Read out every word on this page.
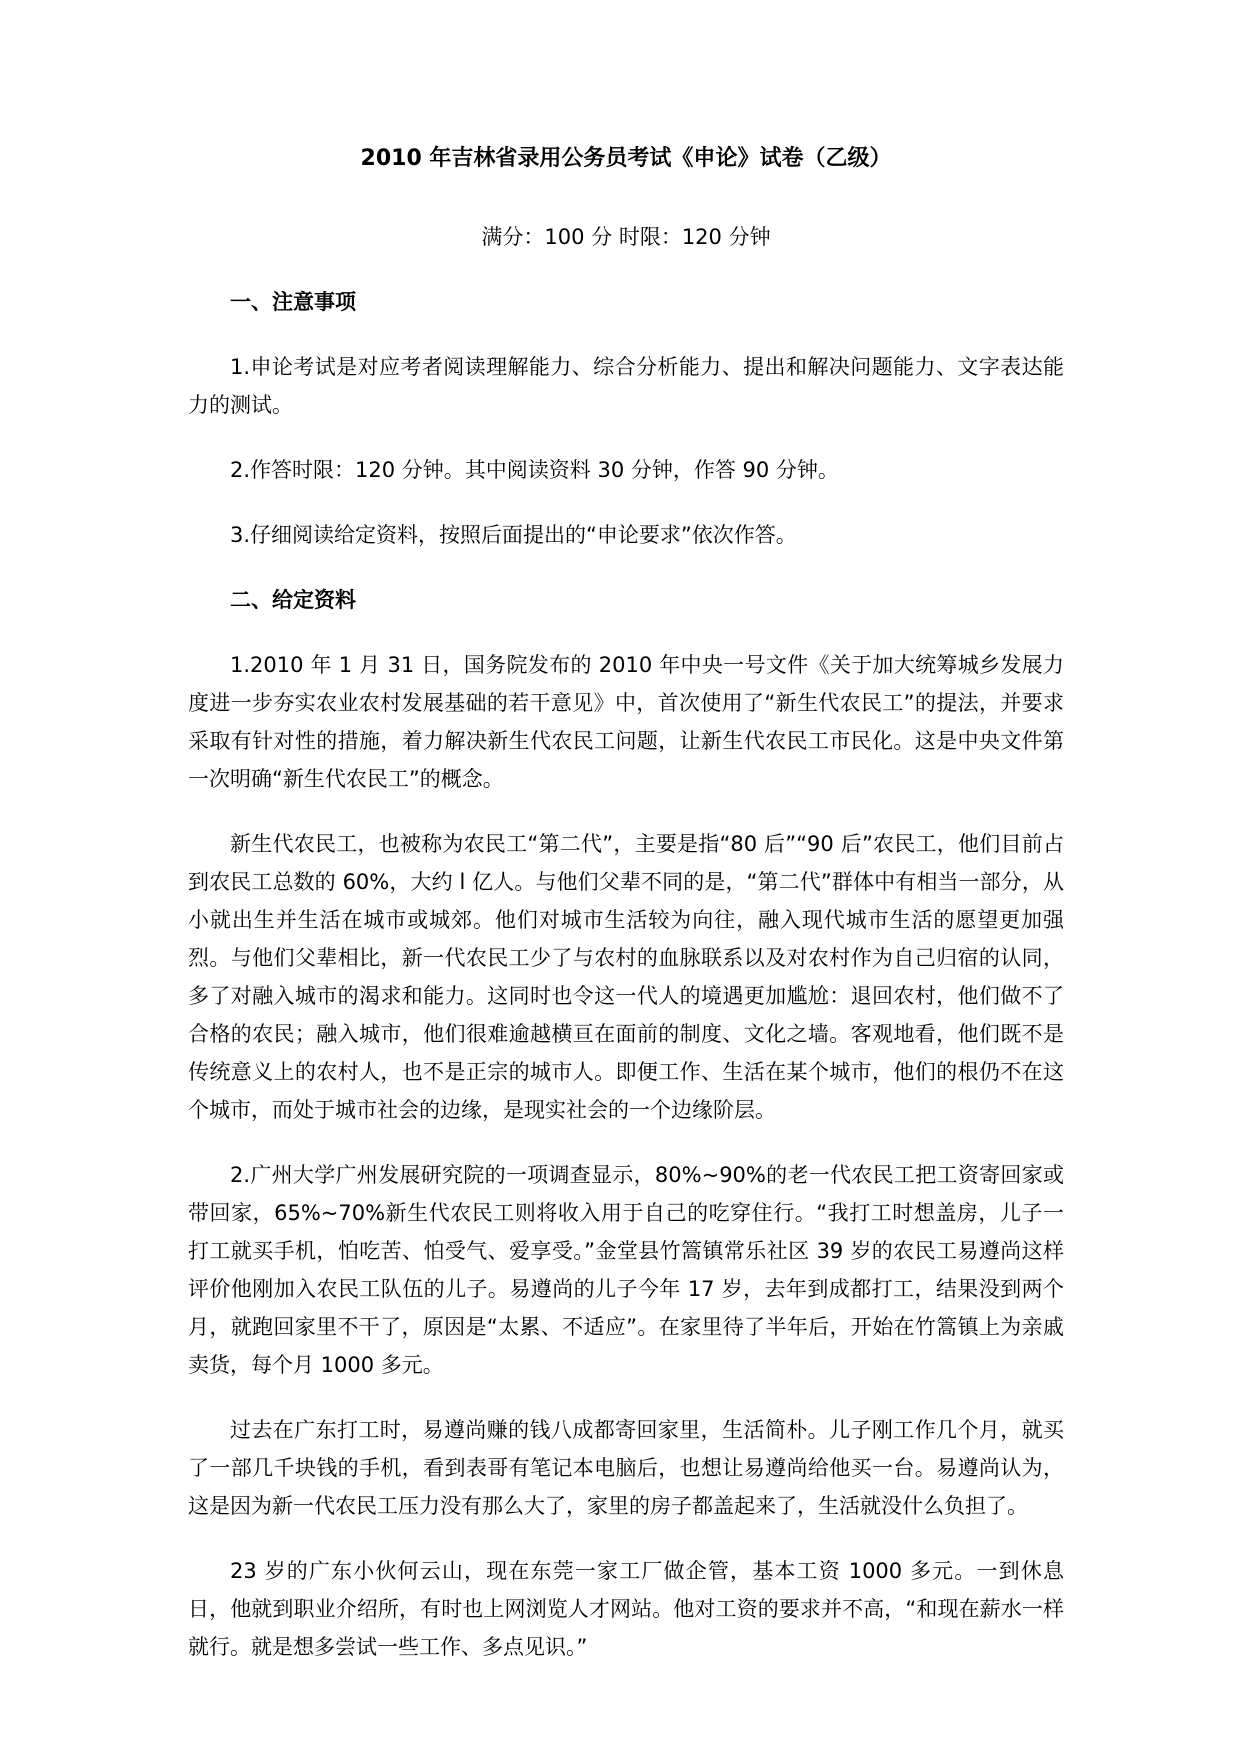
2010 年吉林省录用公务员考试《申论》试卷（乙级）
满分：100 分 时限：120 分钟
一、注意事项

1.申论考试是对应考者阅读理解能力、综合分析能力、提出和解决问题能力、文字表达能力的测试。

2.作答时限：120 分钟。其中阅读资料 30 分钟，作答 90 分钟。

3.仔细阅读给定资料，按照后面提出的“申论要求”依次作答。

二、给定资料

1.2010 年 1 月 31 日，国务院发布的 2010 年中央一号文件《关于加大统筹城乡发展力度进一步夯实农业农村发展基础的若干意见》中，首次使用了“新生代农民工”的提法，并要求采取有针对性的措施，着力解决新生代农民工问题，让新生代农民工市民化。这是中央文件第一次明确“新生代农民工”的概念。

新生代农民工，也被称为农民工“第二代”，主要是指“80 后”“90 后”农民工，他们目前占到农民工总数的 60%，大约 l 亿人。与他们父辈不同的是，“第二代”群体中有相当一部分，从小就出生并生活在城市或城郊。他们对城市生活较为向往，融入现代城市生活的愿望更加强烈。与他们父辈相比，新一代农民工少了与农村的血脉联系以及对农村作为自己归宿的认同，多了对融入城市的渴求和能力。这同时也令这一代人的境遇更加尴尬：退回农村，他们做不了合格的农民；融入城市，他们很难逾越横亘在面前的制度、文化之墙。客观地看，他们既不是传统意义上的农村人，也不是正宗的城市人。即便工作、生活在某个城市，他们的根仍不在这个城市，而处于城市社会的边缘，是现实社会的一个边缘阶层。

2.广州大学广州发展研究院的一项调查显示，80%~90%的老一代农民工把工资寄回家或带回家，65%~70%新生代农民工则将收入用于自己的吃穿住行。“我打工时想盖房，儿子一打工就买手机，怕吃苦、怕受气、爱享受。”金堂县竹篙镇常乐社区 39 岁的农民工易遵尚这样评价他刚加入农民工队伍的儿子。易遵尚的儿子今年 17 岁，去年到成都打工，结果没到两个月，就跑回家里不干了，原因是“太累、不适应”。在家里待了半年后，开始在竹篙镇上为亲戚卖货，每个月 1000 多元。

过去在广东打工时，易遵尚赚的钱八成都寄回家里，生活简朴。儿子刚工作几个月，就买了一部几千块钱的手机，看到表哥有笔记本电脑后，也想让易遵尚给他买一台。易遵尚认为，这是因为新一代农民工压力没有那么大了，家里的房子都盖起来了，生活就没什么负担了。

23 岁的广东小伙何云山，现在东莞一家工厂做企管，基本工资 1000 多元。一到休息日，他就到职业介绍所，有时也上网浏览人才网站。他对工资的要求并不高，“和现在薪水一样就行。就是想多尝试一些工作、多点见识。”
